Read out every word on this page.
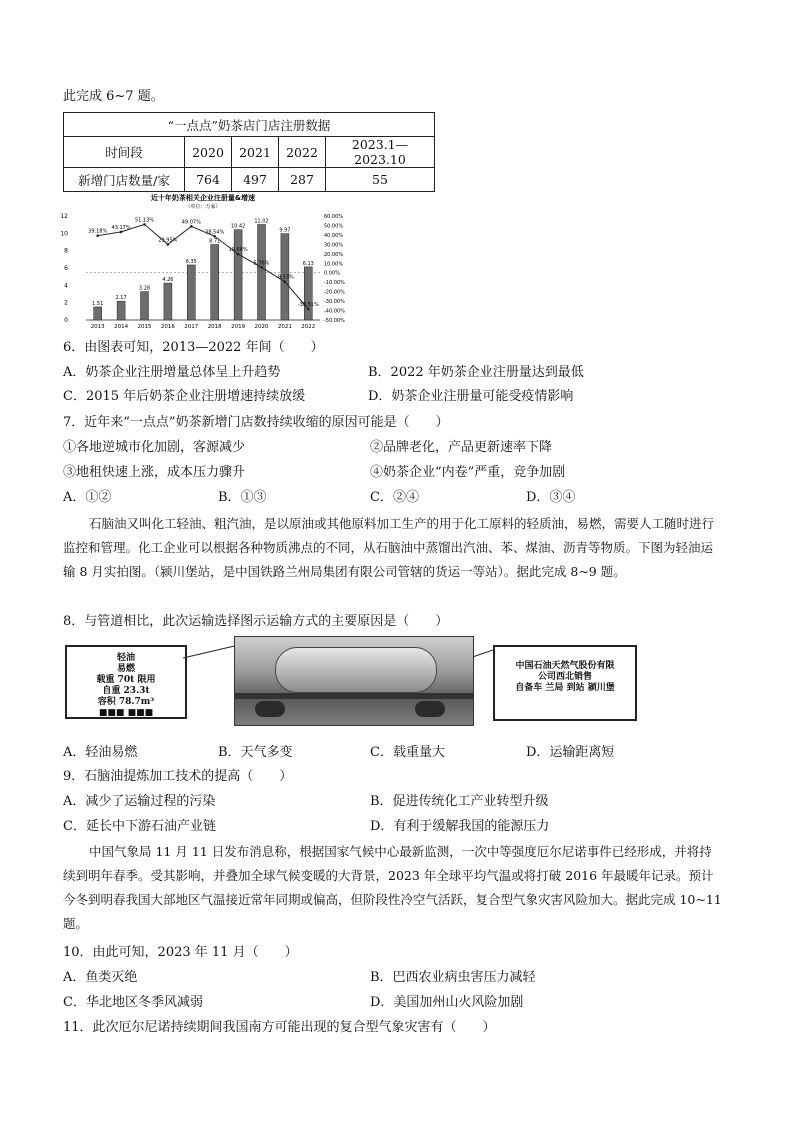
此完成 6~7 题。
“一点点”奶茶店门店注册数据				
时间段	2020	2021	2022	2023.1—2023.10
新增门店数量/家	764	497	287	55
近十年奶茶相关企业注册量&增速
（单位：万家）
0
2
4
6
8
10
12	60.00%
50.00%
40.00%
30.00%
20.00%
10.00%
0.00%
-10.00%
-20.00%
-30.00%
-40.00%
-50.00%
1.51
2013
2.17
2014
3.28
2015
4.26
2016
6.35
2017
8.71
2018
10.42
2019
11.02
2020
9.97
2021
6.13
2022
39.18%
43.17%
51.13%
29.95%
49.07%
38.54%
19.68%
5.76%
-9.53%
-38.51%
6．由图表可知，2013—2022 年间（　　）
A．奶茶企业注册增量总体呈上升趋势	B．2022 年奶茶企业注册量达到最低
C．2015 年后奶茶企业注册增速持续放缓	D．奶茶企业注册量可能受疫情影响
7．近年来“一点点”奶茶新增门店数持续收缩的原因可能是（　　）
①各地逆城市化加剧，客源减少	②品牌老化，产品更新速率下降
③地租快速上涨，成本压力骤升	④奶茶企业“内卷”严重，竞争加剧
A．①②	B．①③	C．②④	D．③④
石脑油又叫化工轻油、粗汽油，是以原油或其他原料加工生产的用于化工原料的轻质油，易燃，需要人工随时进行监控和管理。化工企业可以根据各种物质沸点的不同，从石脑油中蒸馏出汽油、苯、煤油、沥青等物质。下图为轻油运输 8 月实拍图。（颍川堡站，是中国铁路兰州局集团有限公司管辖的货运一等站）。据此完成 8~9 题。
8．与管道相比，此次运输选择图示运输方式的主要原因是（　　）
轻油
易燃
载重 70t 限用
自重 23.3t
容积 78.7m³
■■■ ■■■
中国石油天然气股份有限
公司西北销售
自备车 兰局 到站 颍川堡
A．轻油易燃	B．天气多变	C．载重量大	D．运输距离短
9．石脑油提炼加工技术的提高（　　）
A．减少了运输过程的污染	B．促进传统化工产业转型升级
C．延长中下游石油产业链	D．有利于缓解我国的能源压力
中国气象局 11 月 11 日发布消息称，根据国家气候中心最新监测，一次中等强度厄尔尼诺事件已经形成，并将持续到明年春季。受其影响，并叠加全球气候变暖的大背景，2023 年全球平均气温或将打破 2016 年最暖年记录。预计今冬到明春我国大部地区气温接近常年同期或偏高，但阶段性冷空气活跃，复合型气象灾害风险加大。据此完成 10~11 题。
10．由此可知，2023 年 11 月（　　）
A．鱼类灭绝	B．巴西农业病虫害压力减轻
C．华北地区冬季风减弱	D．美国加州山火风险加剧
11．此次厄尔尼诺持续期间我国南方可能出现的复合型气象灾害有（　　）
